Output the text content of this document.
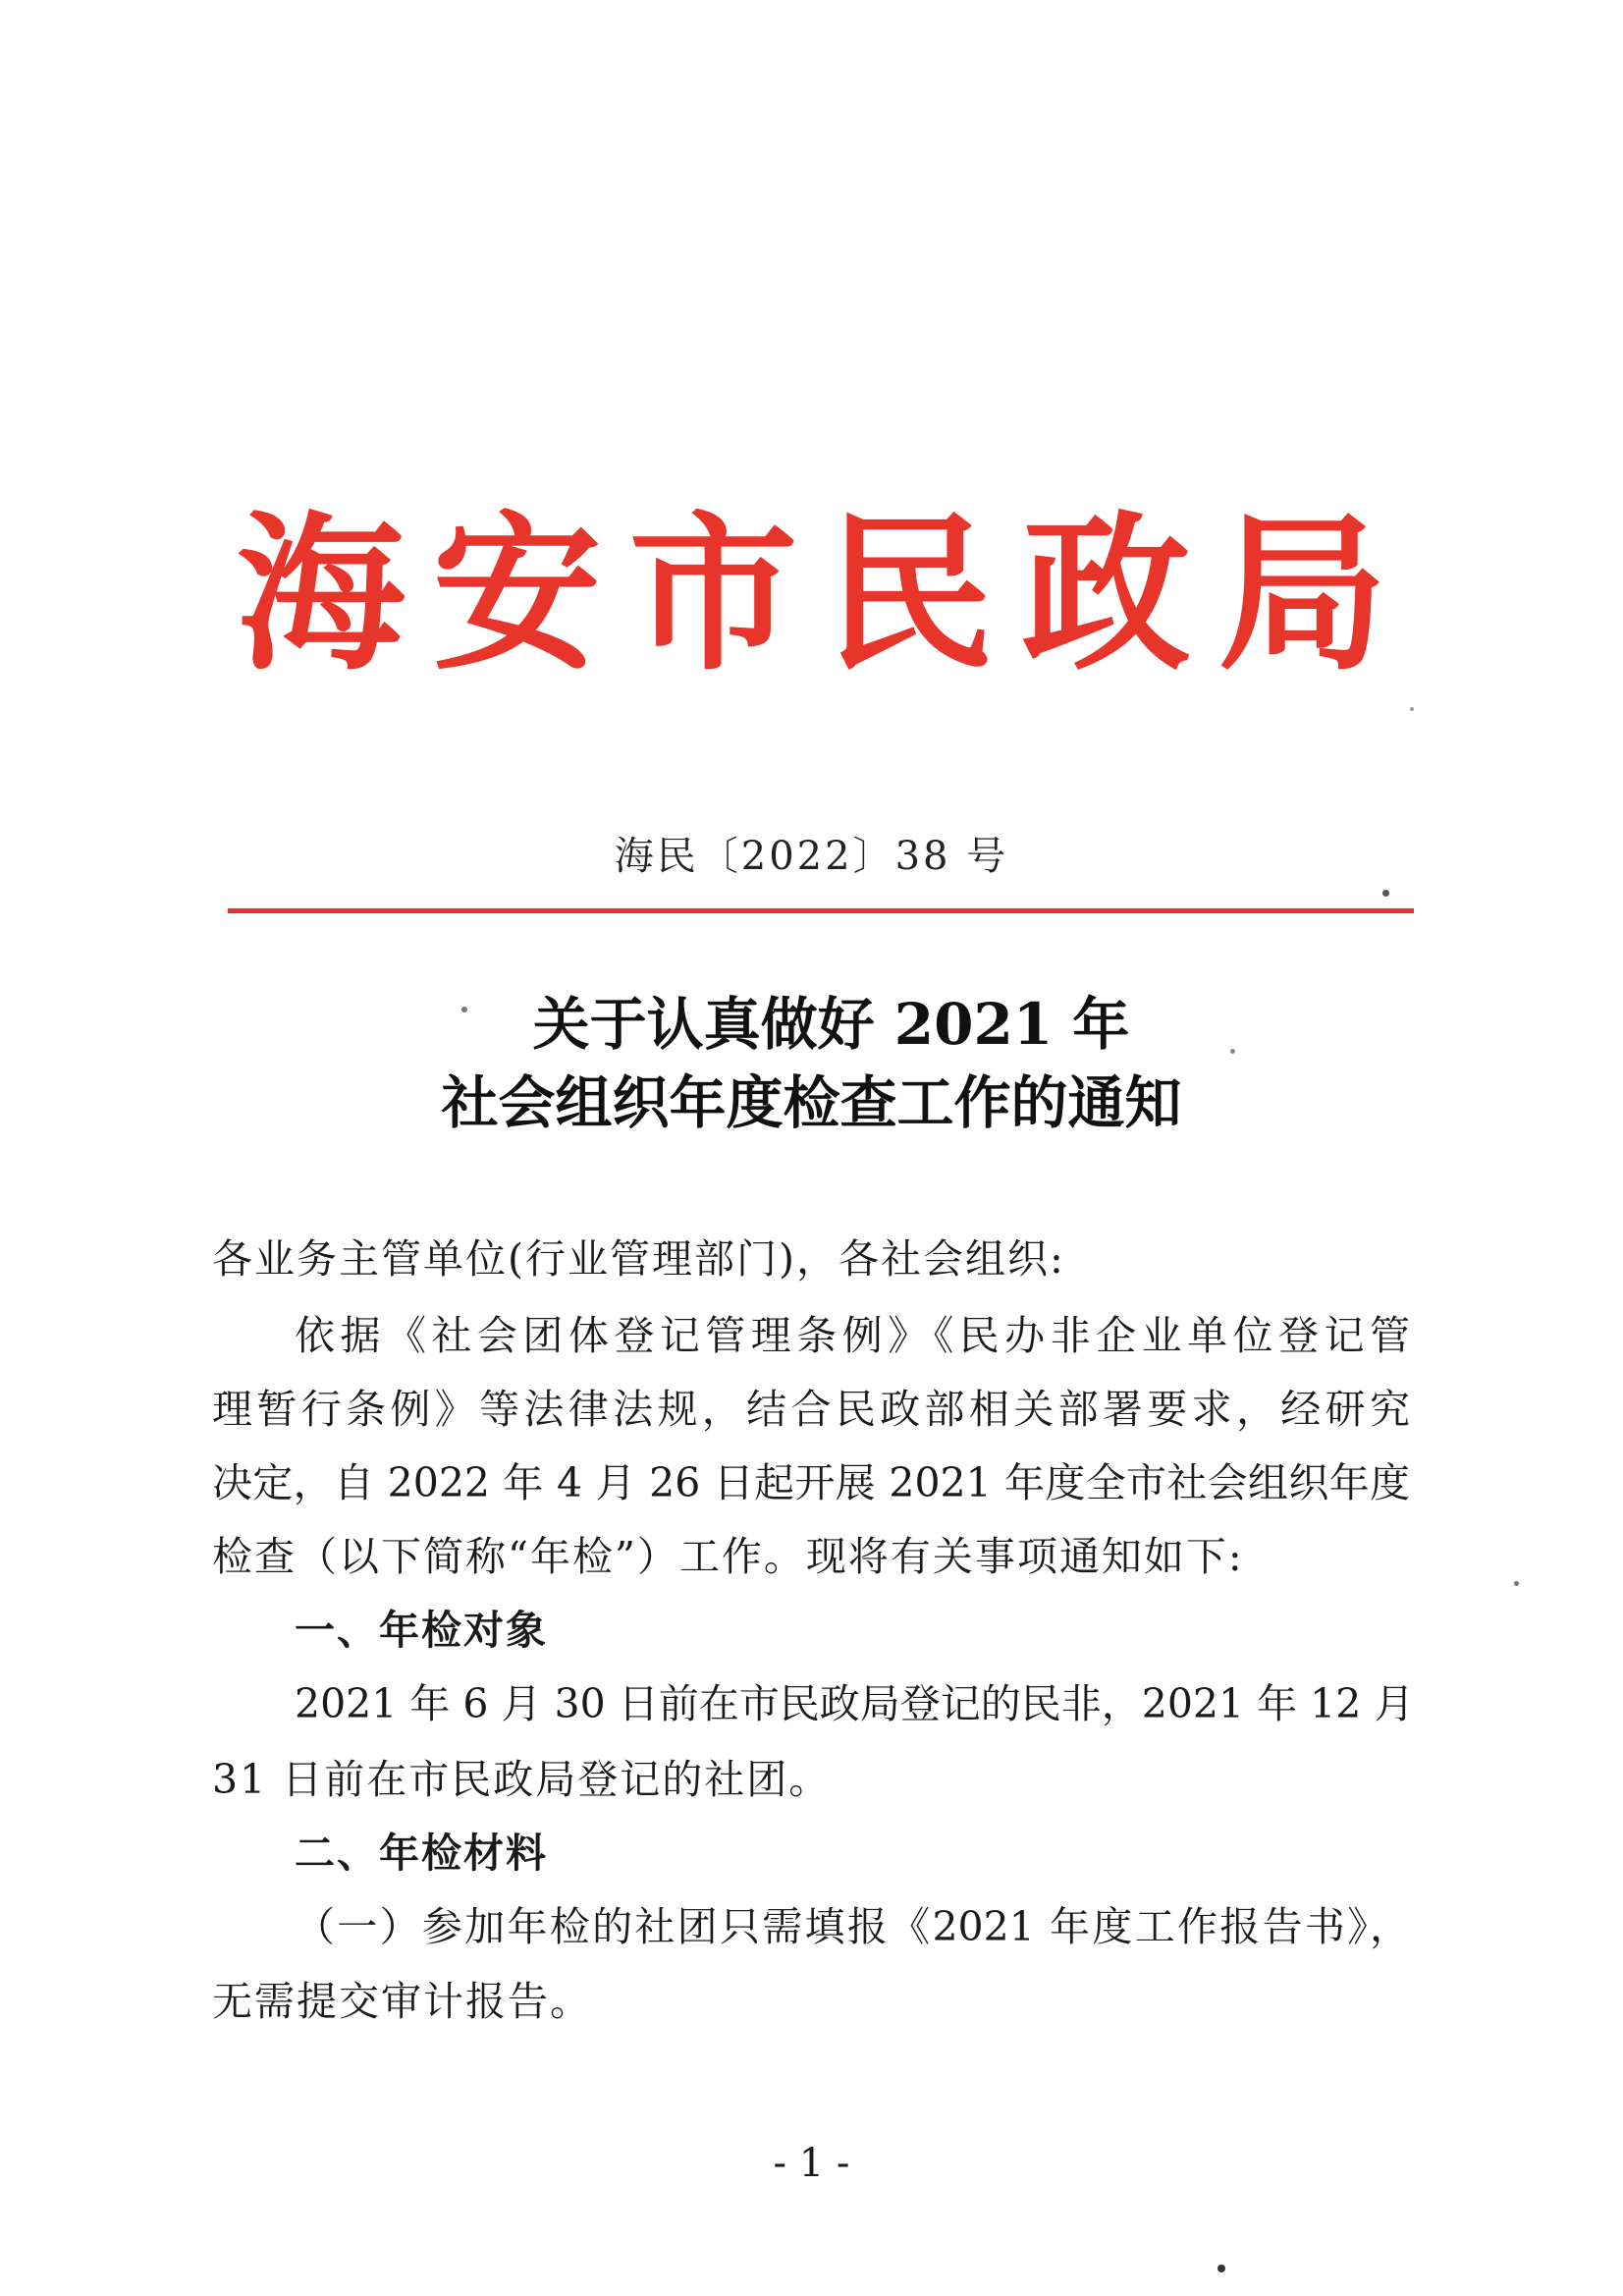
海安市民政局
海民〔2022〕38 号
关于认真做好 2021 年
社会组织年度检查工作的通知
各业务主管单位(行业管理部门)，各社会组织:
依据《社会团体登记管理条例》《民办非企业单位登记管
理暂行条例》等法律法规，结合民政部相关部署要求，经研究
决定，自 2022 年 4 月 26 日起开展 2021 年度全市社会组织年度
检查（以下简称“年检”）工作。现将有关事项通知如下:
一、年检对象
2021 年 6 月 30 日前在市民政局登记的民非，2021 年 12 月
31 日前在市民政局登记的社团。
二、年检材料
（一）参加年检的社团只需填报《2021 年度工作报告书》，
无需提交审计报告。
- 1 -
